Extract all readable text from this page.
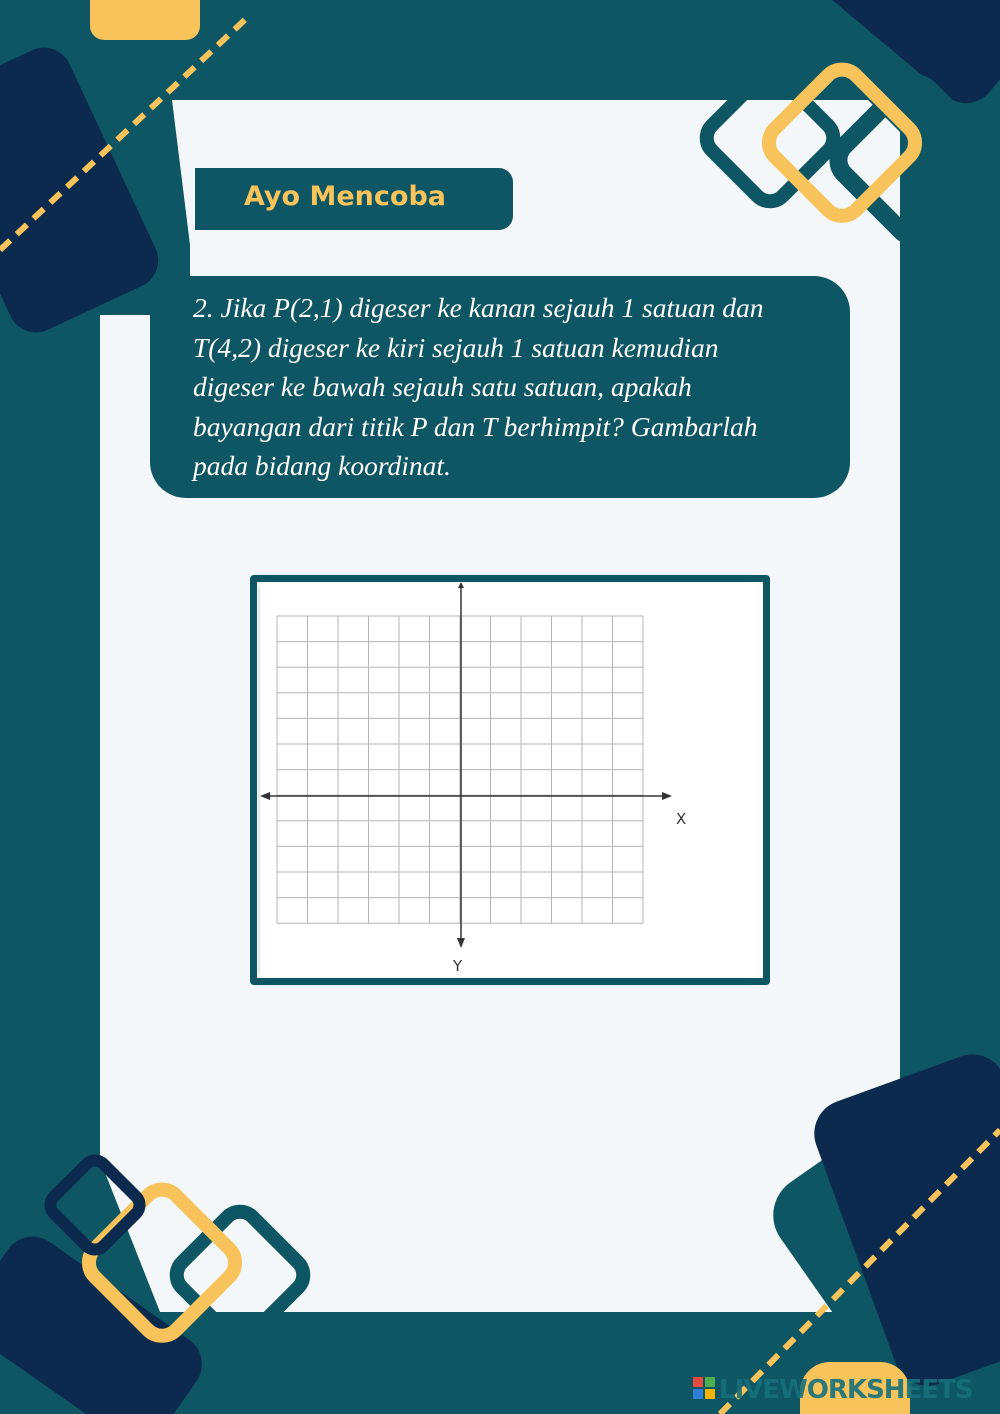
Ayo Mencoba

2. Jika P(2,1) digeser ke kanan sejauh 1 satuan dan
T(4,2) digeser ke kiri sejauh 1 satuan kemudian
digeser ke bawah sejauh satu satuan, apakah
bayangan dari titik P dan T berhimpit? Gambarlah
pada bidang koordinat.

X
Y
LIVEWORKSHEETS
